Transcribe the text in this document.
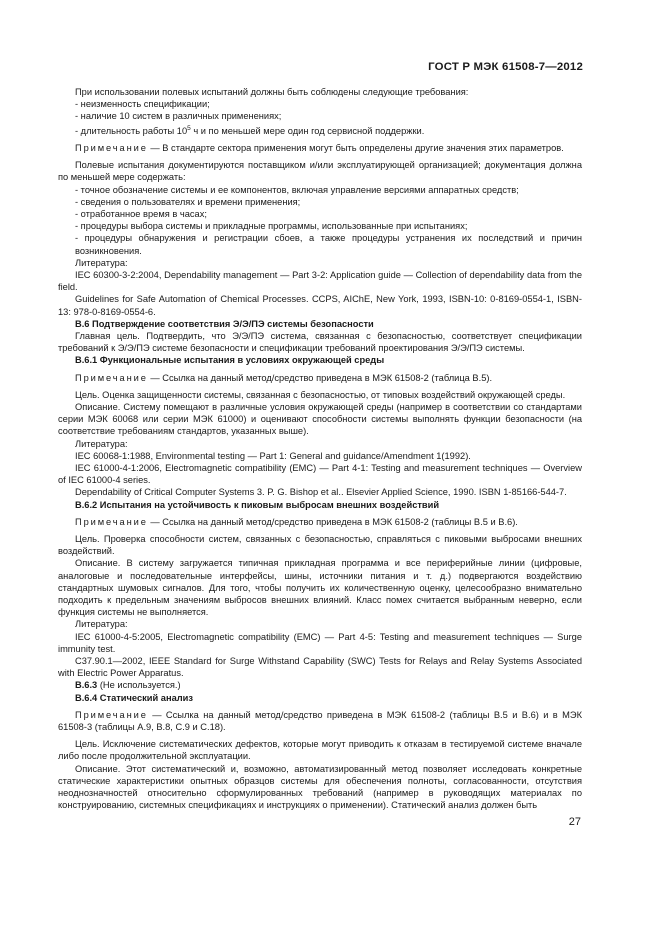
ГОСТ Р МЭК 61508-7—2012
При использовании полевых испытаний должны быть соблюдены следующие требования:
- неизменность спецификации;
- наличие 10 систем в различных применениях;
- длительность работы $10^5$ ч и по меньшей мере один год сервисной поддержки.
Примечание — В стандарте сектора применения могут быть определены другие значения этих параметров.
Полевые испытания документируются поставщиком и/или эксплуатирующей организацией; документация должна по меньшей мере содержать:
- точное обозначение системы и ее компонентов, включая управление версиями аппаратных средств;
- сведения о пользователях и времени применения;
- отработанное время в часах;
- процедуры выбора системы и прикладные программы, использованные при испытаниях;
- процедуры обнаружения и регистрации сбоев, а также процедуры устранения их последствий и причин возникновения.
Литература:
IEC 60300-3-2:2004, Dependability management — Part 3-2: Application guide — Collection of dependability data from the field.
Guidelines for Safe Automation of Chemical Processes. CCPS, AIChE, New York, 1993, ISBN-10: 0-8169-0554-1, ISBN-13: 978-0-8169-0554-6.
B.6 Подтверждение соответствия Э/Э/ПЭ системы безопасности
Главная цель. Подтвердить, что Э/Э/ПЭ система, связанная с безопасностью, соответствует спецификации требований к Э/Э/ПЭ системе безопасности и спецификации требований проектирования Э/Э/ПЭ системы.
B.6.1 Функциональные испытания в условиях окружающей среды
Примечание — Ссылка на данный метод/средство приведена в МЭК 61508-2 (таблица B.5).
Цель. Оценка защищенности системы, связанная с безопасностью, от типовых воздействий окружающей среды.
Описание. Систему помещают в различные условия окружающей среды (например в соответствии со стандартами серии МЭК 60068 или серии МЭК 61000) и оценивают способности системы выполнять функции безопасности (на соответствие требованиям стандартов, указанных выше).
Литература:
IEC 60068-1:1988, Environmental testing — Part 1: General and guidance/Amendment 1(1992).
IEC 61000-4-1:2006, Electromagnetic compatibility (EMC) — Part 4-1: Testing and measurement techniques — Overview of IEC 61000-4 series.
Dependability of Critical Computer Systems 3. P. G. Bishop et al.. Elsevier Applied Science, 1990. ISBN 1-85166-544-7.
B.6.2 Испытания на устойчивость к пиковым выбросам внешних воздействий
Примечание — Ссылка на данный метод/средство приведена в МЭК 61508-2 (таблицы B.5 и B.6).
Цель. Проверка способности систем, связанных с безопасностью, справляться с пиковыми выбросами внешних воздействий.
Описание. В систему загружается типичная прикладная программа и все периферийные линии (цифровые, аналоговые и последовательные интерфейсы, шины, источники питания и т. д.) подвергаются воздействию стандартных шумовых сигналов. Для того, чтобы получить их количественную оценку, целесообразно внимательно подходить к предельным значениям выбросов внешних влияний. Класс помех считается выбранным неверно, если функция системы не выполняется.
Литература:
IEC 61000-4-5:2005, Electromagnetic compatibility (EMC) — Part 4-5: Testing and measurement techniques — Surge immunity test.
C37.90.1—2002, IEEE Standard for Surge Withstand Capability (SWC) Tests for Relays and Relay Systems Associated with Electric Power Apparatus.
B.6.3 (Не используется.)
B.6.4 Статический анализ
Примечание — Ссылка на данный метод/средство приведена в МЭК 61508-2 (таблицы B.5 и B.6) и в МЭК 61508-3 (таблицы A.9, B.8, C.9 и C.18).
Цель. Исключение систематических дефектов, которые могут приводить к отказам в тестируемой системе вначале либо после продолжительной эксплуатации.
Описание. Этот систематический и, возможно, автоматизированный метод позволяет исследовать конкретные статические характеристики опытных образцов системы для обеспечения полноты, согласованности, отсутствия неоднозначностей относительно сформулированных требований (например в руководящих материалах по конструированию, системных спецификациях и инструкциях о применении). Статический анализ должен быть
27
